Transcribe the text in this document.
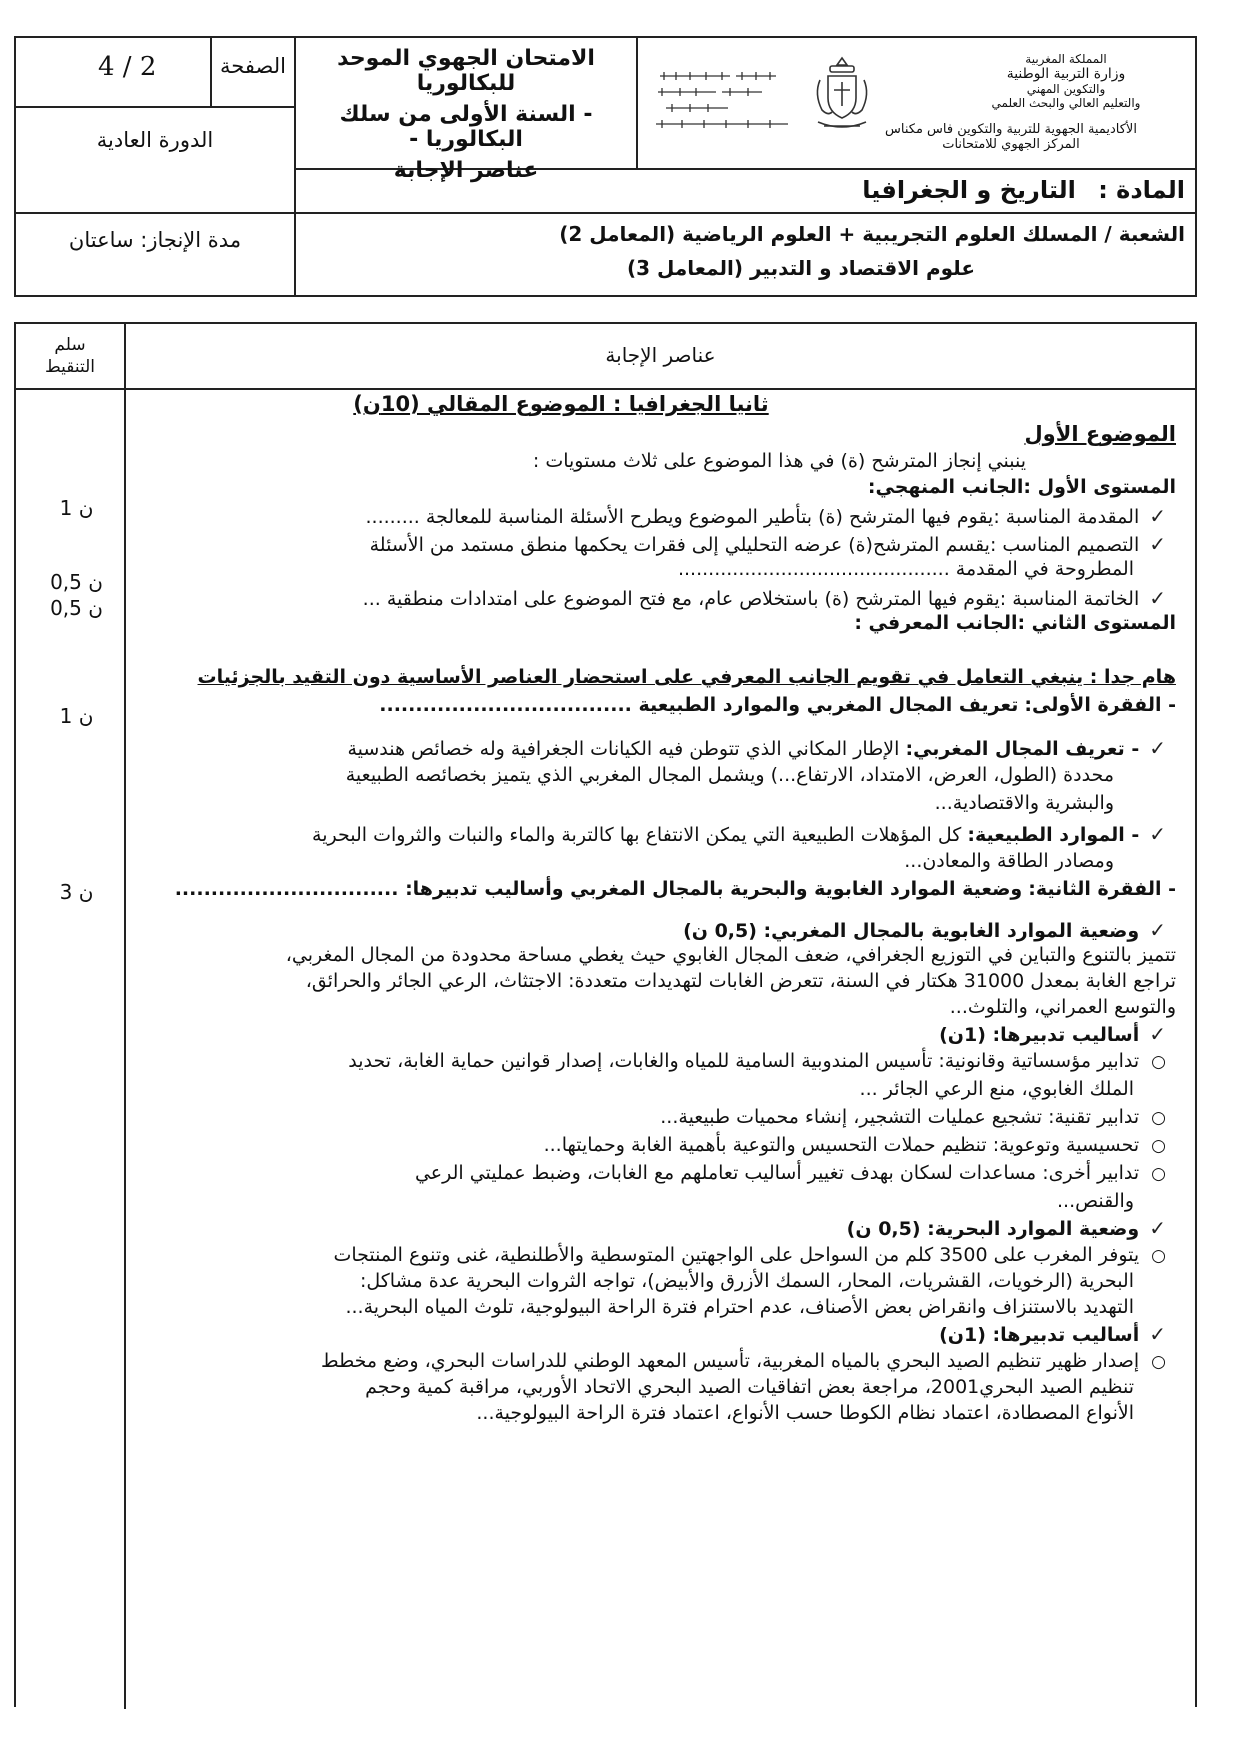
4 / 2	الصفحة
الدورة العادية
مدة الإنجاز: ساعتان
الامتحان الجهوي الموحد للبكالوريا
- السنة الأولى من سلك البكالوريا -
عناصر الإجابة
المملكة المغربية
وزارة التربية الوطنية
والتكوين المهني
والتعليم العالي والبحث العلمي
الأكاديمية الجهوية للتربية والتكوين فاس مكناس
المركز الجهوي للامتحانات
المادة : التاريخ و الجغرافيا
الشعبة / المسلك العلوم التجريبية + العلوم الرياضية (المعامل 2)
علوم الاقتصاد و التدبير (المعامل 3)
سلم التنقيط	عناصر الإجابة
1 ن
0,5 ن
0,5 ن
1 ن
3 ن
ثانيا الجغرافيا : الموضوع المقالي (10ن)
الموضوع الأول
ينبني إنجاز المترشح (ة) في هذا الموضوع على ثلاث مستويات :
المستوى الأول :الجانب المنهجي:
✓المقدمة المناسبة :يقوم فيها المترشح (ة) بتأطير الموضوع ويطرح الأسئلة المناسبة للمعالجة .........
✓التصميم المناسب :يقسم المترشح(ة) عرضه التحليلي إلى فقرات يحكمها منطق مستمد من الأسئلة
المطروحة في المقدمة .............................................
✓الخاتمة المناسبة :يقوم فيها المترشح (ة) باستخلاص عام، مع فتح الموضوع على امتدادات منطقية ...
المستوى الثاني :الجانب المعرفي :
هام جدا : ينبغي التعامل في تقويم الجانب المعرفي على استحضار العناصر الأساسية دون التقيد بالجزئيات
- الفقرة الأولى: تعريف المجال المغربي والموارد الطبيعية ...................................
✓- تعريف المجال المغربي: الإطار المكاني الذي تتوطن فيه الكيانات الجغرافية وله خصائص هندسية
محددة (الطول، العرض، الامتداد، الارتفاع...) ويشمل المجال المغربي الذي يتميز بخصائصه الطبيعية
والبشرية والاقتصادية...
✓- الموارد الطبيعية: كل المؤهلات الطبيعية التي يمكن الانتفاع بها كالتربة والماء والنبات والثروات البحرية
ومصادر الطاقة والمعادن...
- الفقرة الثانية: وضعية الموارد الغابوية والبحرية بالمجال المغربي وأساليب تدبيرها: ...............................
✓وضعية الموارد الغابوية بالمجال المغربي: (0,5 ن)
تتميز بالتنوع والتباين في التوزيع الجغرافي، ضعف المجال الغابوي حيث يغطي مساحة محدودة من المجال المغربي،
تراجع الغابة بمعدل 31000 هكتار في السنة، تتعرض الغابات لتهديدات متعددة: الاجتثاث، الرعي الجائر والحرائق،
والتوسع العمراني، والتلوث...
✓أساليب تدبيرها: (1ن)
○تدابير مؤسساتية وقانونية: تأسيس المندوبية السامية للمياه والغابات، إصدار قوانين حماية الغابة، تحديد
الملك الغابوي، منع الرعي الجائر ...
○تدابير تقنية: تشجيع عمليات التشجير، إنشاء محميات طبيعية...
○تحسيسية وتوعوية: تنظيم حملات التحسيس والتوعية بأهمية الغابة وحمايتها...
○تدابير أخرى: مساعدات لسكان بهدف تغيير أساليب تعاملهم مع الغابات، وضبط عمليتي الرعي
والقنص...
✓وضعية الموارد البحرية: (0,5 ن)
○يتوفر المغرب على 3500 كلم من السواحل على الواجهتين المتوسطية والأطلنطية، غنى وتنوع المنتجات
البحرية (الرخويات، القشريات، المحار، السمك الأزرق والأبيض)، تواجه الثروات البحرية عدة مشاكل:
التهديد بالاستنزاف وانقراض بعض الأصناف، عدم احترام فترة الراحة البيولوجية، تلوث المياه البحرية...
✓أساليب تدبيرها: (1ن)
○إصدار ظهير تنظيم الصيد البحري بالمياه المغربية، تأسيس المعهد الوطني للدراسات البحري، وضع مخطط
تنظيم الصيد البحري2001، مراجعة بعض اتفاقيات الصيد البحري الاتحاد الأوربي، مراقبة كمية وحجم
الأنواع المصطادة، اعتماد نظام الكوطا حسب الأنواع، اعتماد فترة الراحة البيولوجية...
